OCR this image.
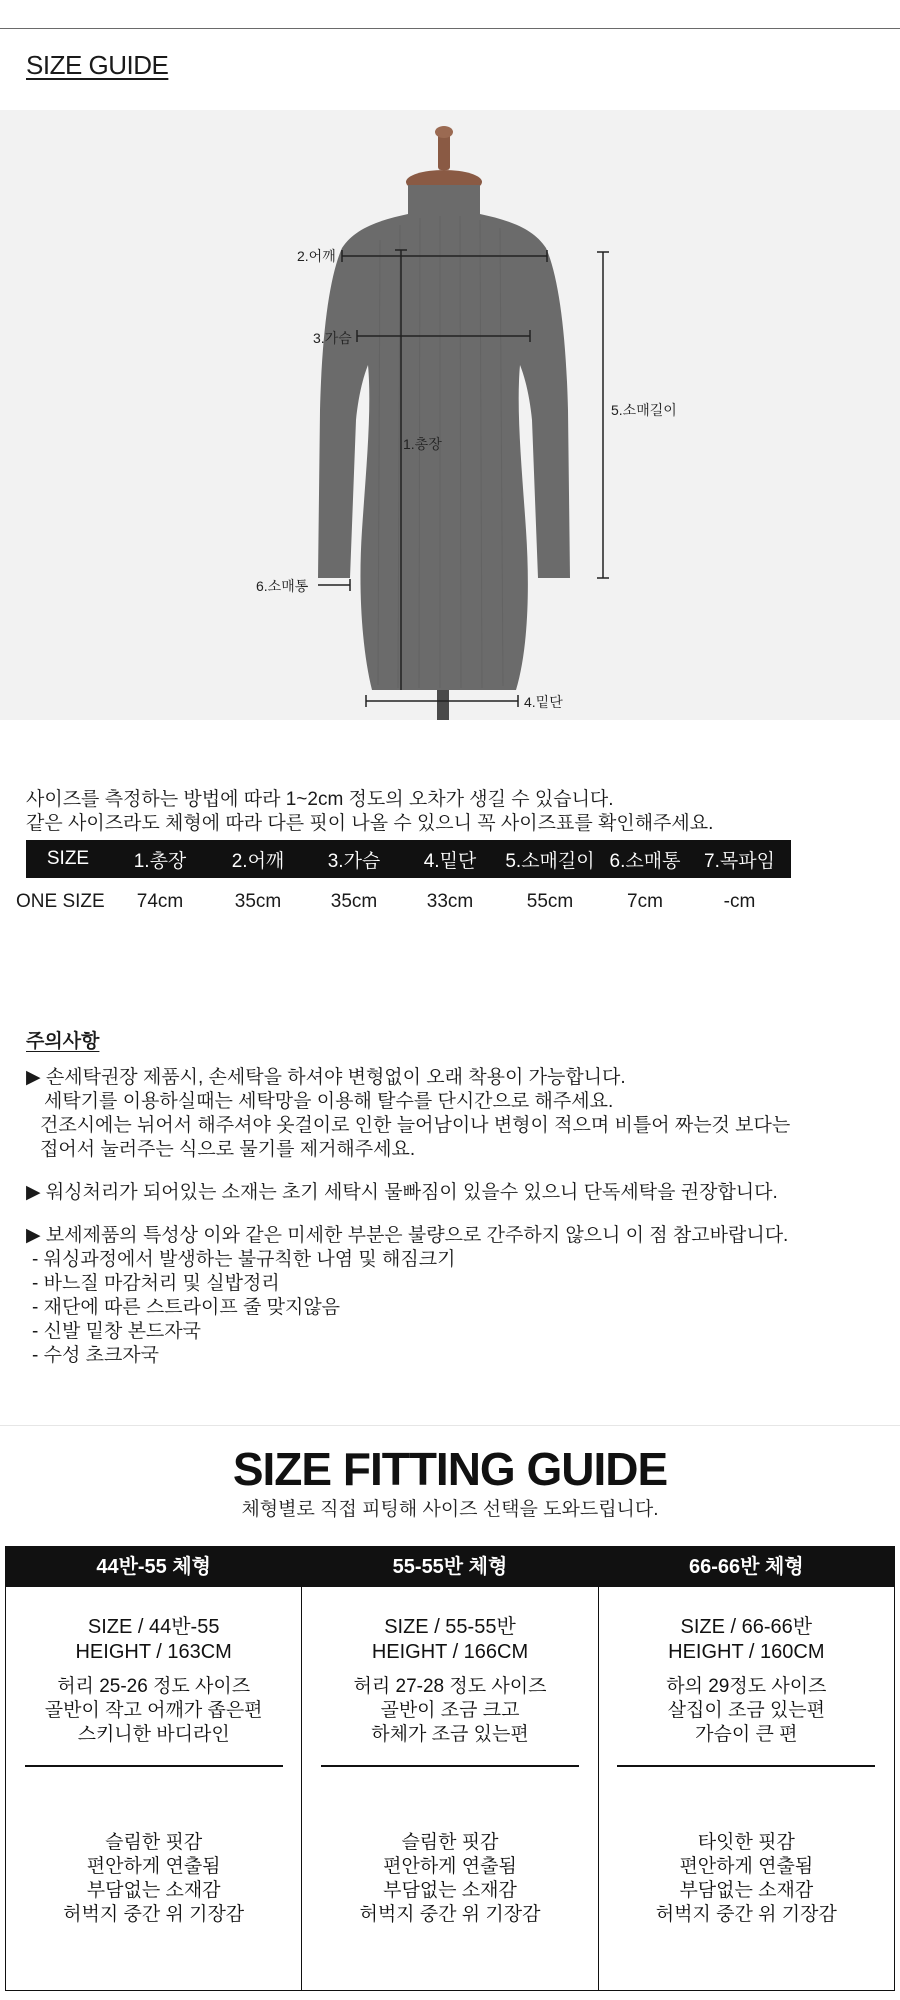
SIZE GUIDE
2.어깨
3.가슴
1.총장
5.소매길이
6.소매통
4.밑단
사이즈를 측정하는 방법에 따라 1~2cm 정도의 오차가 생길 수 있습니다.
같은 사이즈라도 체형에 따라 다른 핏이 나올 수 있으니 꼭 사이즈표를 확인해주세요.
	SIZE	1.총장	2.어깨	3.가슴	4.밑단	5.소매길이	6.소매통	7.목파임
ONE SIZE		74cm	35cm	35cm	33cm	55cm	7cm	-cm
주의사항
▶ 손세탁권장 제품시, 손세탁을 하셔야 변형없이 오래 착용이 가능합니다.
세탁기를 이용하실때는 세탁망을 이용해 탈수를 단시간으로 해주세요.
건조시에는 뉘어서 해주셔야 옷걸이로 인한 늘어남이나 변형이 적으며 비틀어 짜는것 보다는
접어서 눌러주는 식으로 물기를 제거해주세요.
▶ 워싱처리가 되어있는 소재는 초기 세탁시 물빠짐이 있을수 있으니 단독세탁을 권장합니다.
▶ 보세제품의 특성상 이와 같은 미세한 부분은 불량으로 간주하지 않으니 이 점 참고바랍니다.
- 워싱과정에서 발생하는 불규칙한 나염 및 해짐크기
- 바느질 마감처리 및 실밥정리
- 재단에 따른 스트라이프 줄 맞지않음
- 신발 밑창 본드자국
- 수성 초크자국
SIZE FITTING GUIDE
체형별로 직접 피팅해 사이즈 선택을 도와드립니다.
44반-55 체형
SIZE / 44반-55
HEIGHT / 163CM
허리 25-26 정도 사이즈
골반이 작고 어깨가 좁은편
스키니한 바디라인
슬림한 핏감
편안하게 연출됨
부담없는 소재감
허벅지 중간 위 기장감
55-55반 체형
SIZE / 55-55반
HEIGHT / 166CM
허리 27-28 정도 사이즈
골반이 조금 크고
하체가 조금 있는편
슬림한 핏감
편안하게 연출됨
부담없는 소재감
허벅지 중간 위 기장감
66-66반 체형
SIZE / 66-66반
HEIGHT / 160CM
하의 29정도 사이즈
살집이 조금 있는편
가슴이 큰 편
타잇한 핏감
편안하게 연출됨
부담없는 소재감
허벅지 중간 위 기장감
